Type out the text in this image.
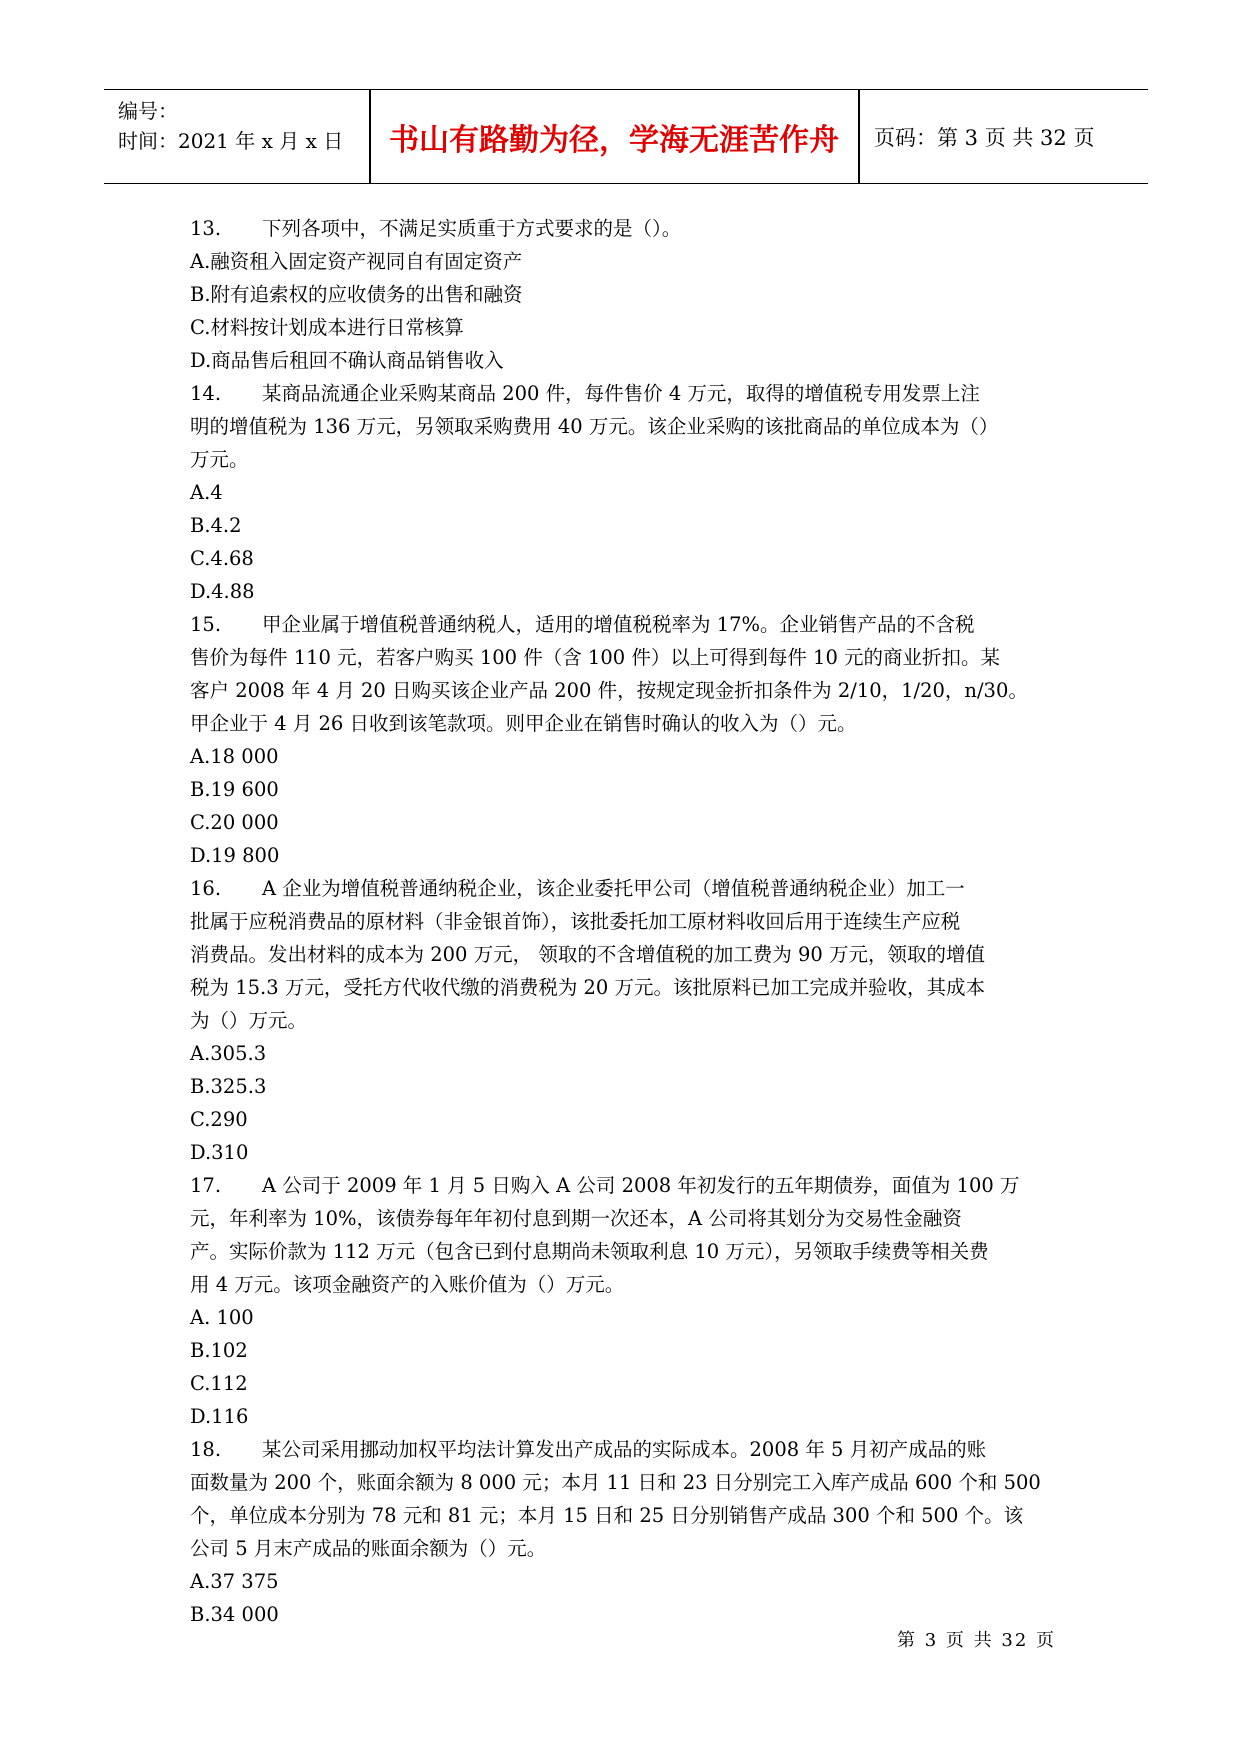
编号：
时间：2021 年 x 月 x 日	书山有路勤为径，学海无涯苦作舟	页码：第 3 页 共 32 页
13. 下列各项中，不满足实质重于方式要求的是（）。
A.融资租入固定资产视同自有固定资产
B.附有追索权的应收债务的出售和融资
C.材料按计划成本进行日常核算
D.商品售后租回不确认商品销售收入
14. 某商品流通企业采购某商品 200 件，每件售价 4 万元，取得的增值税专用发票上注
明的增值税为 136 万元，另领取采购费用 40 万元。该企业采购的该批商品的单位成本为（）
万元。
A.4
B.4.2
C.4.68
D.4.88
15. 甲企业属于增值税普通纳税人，适用的增值税税率为 17%。企业销售产品的不含税
售价为每件 110 元，若客户购买 100 件（含 100 件）以上可得到每件 10 元的商业折扣。某
客户 2008 年 4 月 20 日购买该企业产品 200 件，按规定现金折扣条件为 2/10，1/20，n/30。
甲企业于 4 月 26 日收到该笔款项。则甲企业在销售时确认的收入为（）元。
A.18 000
B.19 600
C.20 000
D.19 800
16. A 企业为增值税普通纳税企业，该企业委托甲公司（增值税普通纳税企业）加工一
批属于应税消费品的原材料（非金银首饰），该批委托加工原材料收回后用于连续生产应税
消费品。发出材料的成本为 200 万元， 领取的不含增值税的加工费为 90 万元，领取的增值
税为 15.3 万元，受托方代收代缴的消费税为 20 万元。该批原料已加工完成并验收，其成本
为（）万元。
A.305.3
B.325.3
C.290
D.310
17. A 公司于 2009 年 1 月 5 日购入 A 公司 2008 年初发行的五年期债券，面值为 100 万
元，年利率为 10%，该债券每年年初付息到期一次还本，A 公司将其划分为交易性金融资
产。实际价款为 112 万元（包含已到付息期尚未领取利息 10 万元），另领取手续费等相关费
用 4 万元。该项金融资产的入账价值为（）万元。
A. 100
B.102
C.112
D.116
18. 某公司采用挪动加权平均法计算发出产成品的实际成本。2008 年 5 月初产成品的账
面数量为 200 个，账面余额为 8 000 元；本月 11 日和 23 日分别完工入库产成品 600 个和 500
个，单位成本分别为 78 元和 81 元；本月 15 日和 25 日分别销售产成品 300 个和 500 个。该
公司 5 月末产成品的账面余额为（）元。
A.37 375
B.34 000
第 3 页 共 32 页
